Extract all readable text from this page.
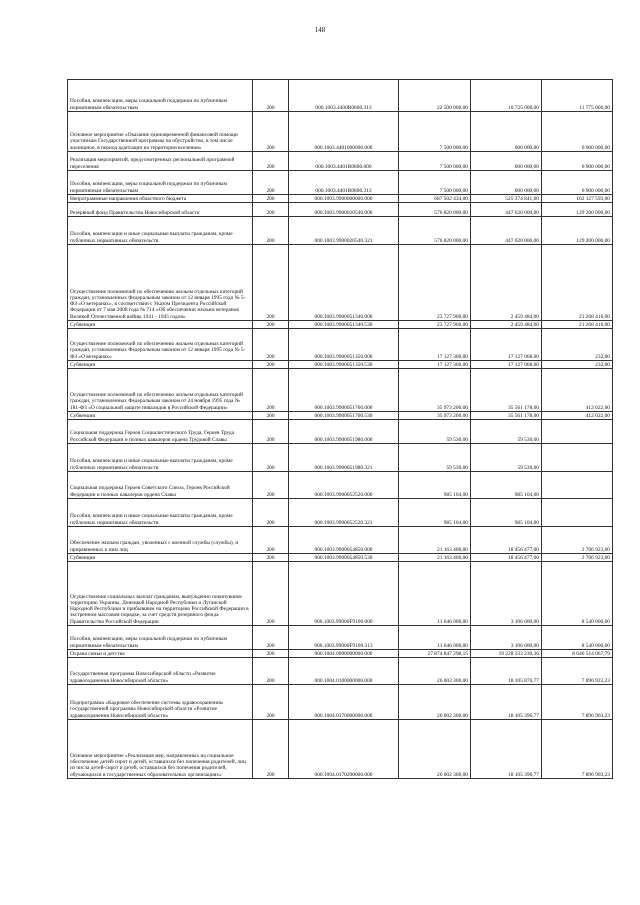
148
Пособия, компенсации, меры социальной поддержки по публичным нормативным обязательствам	200	000.1003.4400R0860.313	22 500 000,00	10 725 000,00	11 775 000,00
Основное мероприятие «Оказание единовременной финансовой помощи участникам Государственной программы на обустройство, в том числе жилищное, в период адаптации на территории вселения»	200	000.1003.4401000000.000	7 500 000,00	600 000,00	6 900 000,00
Реализация мероприятий, предусмотренных региональной программой переселения	200	000.1003.4401R0860.000	7 500 000,00	600 000,00	6 900 000,00
Пособия, компенсации, меры социальной поддержки по публичным нормативным обязательствам	200	000.1003.4401R0860.313	7 500 000,00	600 000,00	6 900 000,00
Непрограммные направления областного бюджета	200	000.1003.9900000000.000	687 502 434,00	525 374 841,00	162 127 593,00
Резервный фонд Правительства Новосибирской области	200	000.1003.9900020540.000	576 820 000,00	447 620 000,00	129 200 000,00
Пособия, компенсации и иные социальные выплаты гражданам, кроме публичных нормативных обязательств	200	000.1003.9900020540.321	576 820 000,00	447 620 000,00	129 200 000,00
Осуществление полномочий по обеспечению жильем отдельных категорий граждан, установленных Федеральным законом от 12 января 1995 года № 5-ФЗ «О ветеранах», в соответствии с Указом Президента Российской Федерации от 7 мая 2008 года № 714 «Об обеспечении жильем ветеранов Великой Отечественной войны 1941 - 1945 годов»	200	000.1003.9900051340.000	23 727 900,00	2 459 484,00	21 268 416,00
Субвенции	200	000.1003.9900051340.530	23 727 900,00	2 459 484,00	21 268 416,00
Осуществление полномочий по обеспечению жильем отдельных категорий граждан, установленных Федеральным законом от 12 января 1995 года № 5-ФЗ «О ветеранах»	200	000.1003.9900051350.000	17 127 300,00	17 127 068,00	232,00
Субвенции	200	000.1003.9900051350.530	17 127 300,00	17 127 068,00	232,00
Осуществление полномочий по обеспечению жильем отдельных категорий граждан, установленных Федеральным законом от 24 ноября 1995 года № 181-ФЗ «О социальной защите инвалидов в Российской Федерации»	200	000.1003.9900051760.000	35 973 200,00	35 561 178,00	412 022,00
Субвенции	200	000.1003.9900051760.530	35 973 200,00	35 561 178,00	412 022,00
Социальная поддержка Героев Социалистического Труда, Героев Труда Российской Федерации и полных кавалеров ордена Трудовой Славы	200	000.1003.9900051980.000	59 530,00	59 530,00	
Пособия, компенсации и иные социальные выплаты гражданам, кроме публичных нормативных обязательств	200	000.1003.9900051980.321	59 530,00	59 530,00	
Социальная поддержка Героев Советского Союза, Героев Российской Федерации и полных кавалеров ордена Славы	200	000.1003.9900052520.000	985 104,00	985 104,00	
Пособия, компенсации и иные социальные выплаты гражданам, кроме публичных нормативных обязательств	200	000.1003.9900052520.321	985 104,00	985 104,00	
Обеспечение жильем граждан, уволенных с военной службы (службы), и приравненных к ним лиц	200	000.1003.9900054850.000	21 163 400,00	18 456 477,00	2 706 923,00
Субвенции	200	000.1003.9900054850.530	21 163 400,00	18 456 477,00	2 706 923,00
Осуществление социальных выплат гражданам, вынужденно покинувшим территорию Украины, Донецкой Народной Республики и Луганской Народной Республики и прибывшим на территорию Российской Федерации в экстренном массовом порядке, за счет средств резервного фонда Правительства Российской Федерации	200	000.1003.99000F9100.000	11 646 000,00	3 106 000,00	8 540 000,00
Пособия, компенсации, меры социальной поддержки по публичным нормативным обязательствам	200	000.1003.99000F9100.313	11 646 000,00	3 106 000,00	8 540 000,00
Охрана семьи и детства	200	000.1004.0000000000.000	27 874 847 298,15	19 228 333 230,36	8 646 514 067,79
Государственная программа Новосибирской области «Развитие здравоохранения Новосибирской области»	200	000.1004.0100000000.000	26 002 300,00	18 105 876,77	7 896 923,23
Подпрограмма «Кадровое обеспечение системы здравоохранения» государственной программы Новосибирской области «Развитие здравоохранения Новосибирской области»	200	000.1004.0170000000.000	26 002 300,00	18 105 396,77	7 896 903,23
Основное мероприятие «Реализация мер, направленных на социальное обеспечение детей-сирот и детей, оставшихся без попечения родителей, лиц из числа детей-сирот и детей, оставшихся без попечения родителей, обучающихся в государственных образовательных организациях»	200	000.1004.0170200000.000	26 002 300,00	18 105 396,77	7 896 903,23
